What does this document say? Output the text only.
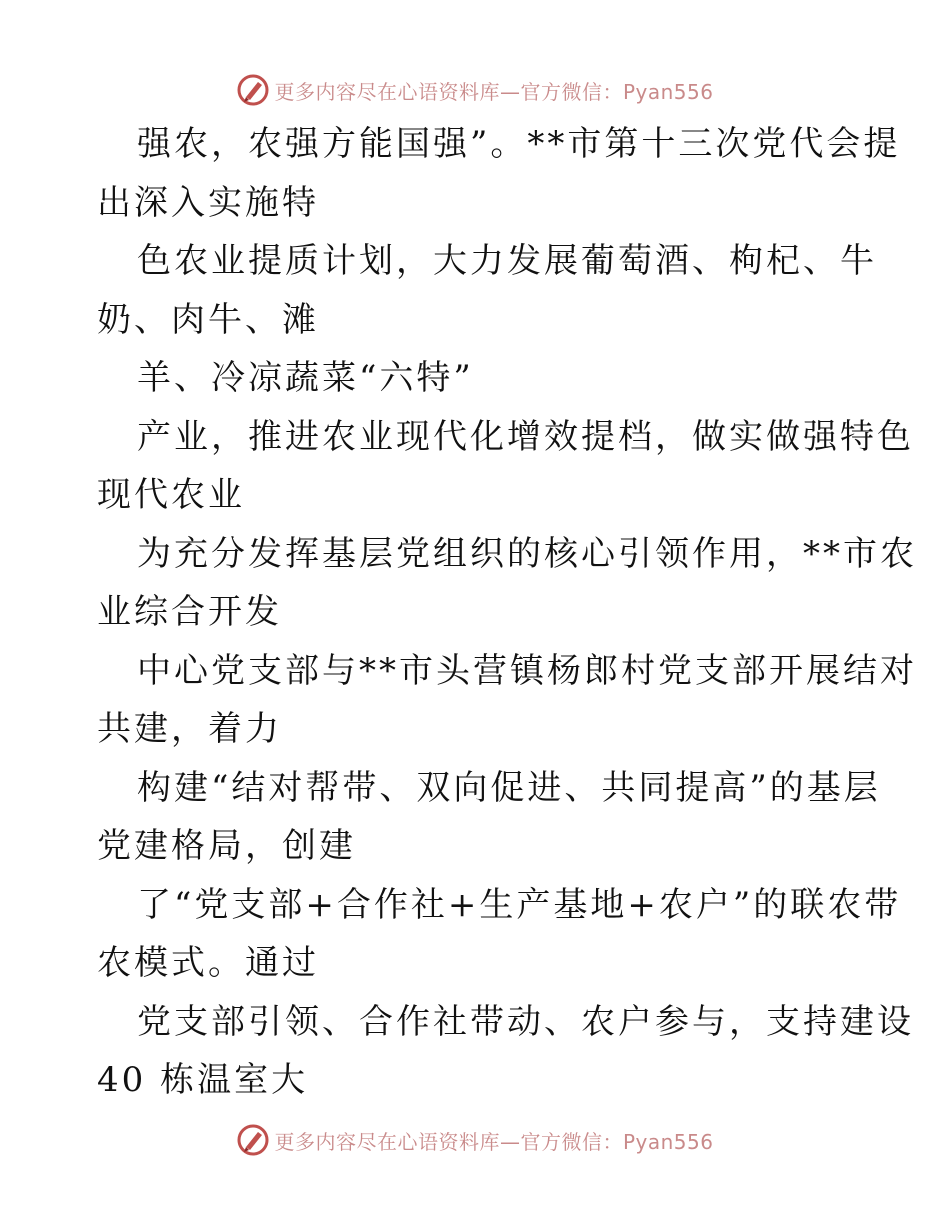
更多内容尽在心语资料库—官方微信：Pyan556
强农，农强方能国强”。**市第十三次党代会提
出深入实施特
色农业提质计划，大力发展葡萄酒、枸杞、牛
奶、肉牛、滩
羊、冷凉蔬菜“六特”
产业，推进农业现代化增效提档，做实做强特色
现代农业
为充分发挥基层党组织的核心引领作用，**市农
业综合开发
中心党支部与**市头营镇杨郎村党支部开展结对
共建，着力
构建“结对帮带、双向促进、共同提高”的基层
党建格局，创建
了“党支部+合作社+生产基地+农户”的联农带
农模式。通过
党支部引领、合作社带动、农户参与，支持建设
40 栋温室大
更多内容尽在心语资料库—官方微信：Pyan556
